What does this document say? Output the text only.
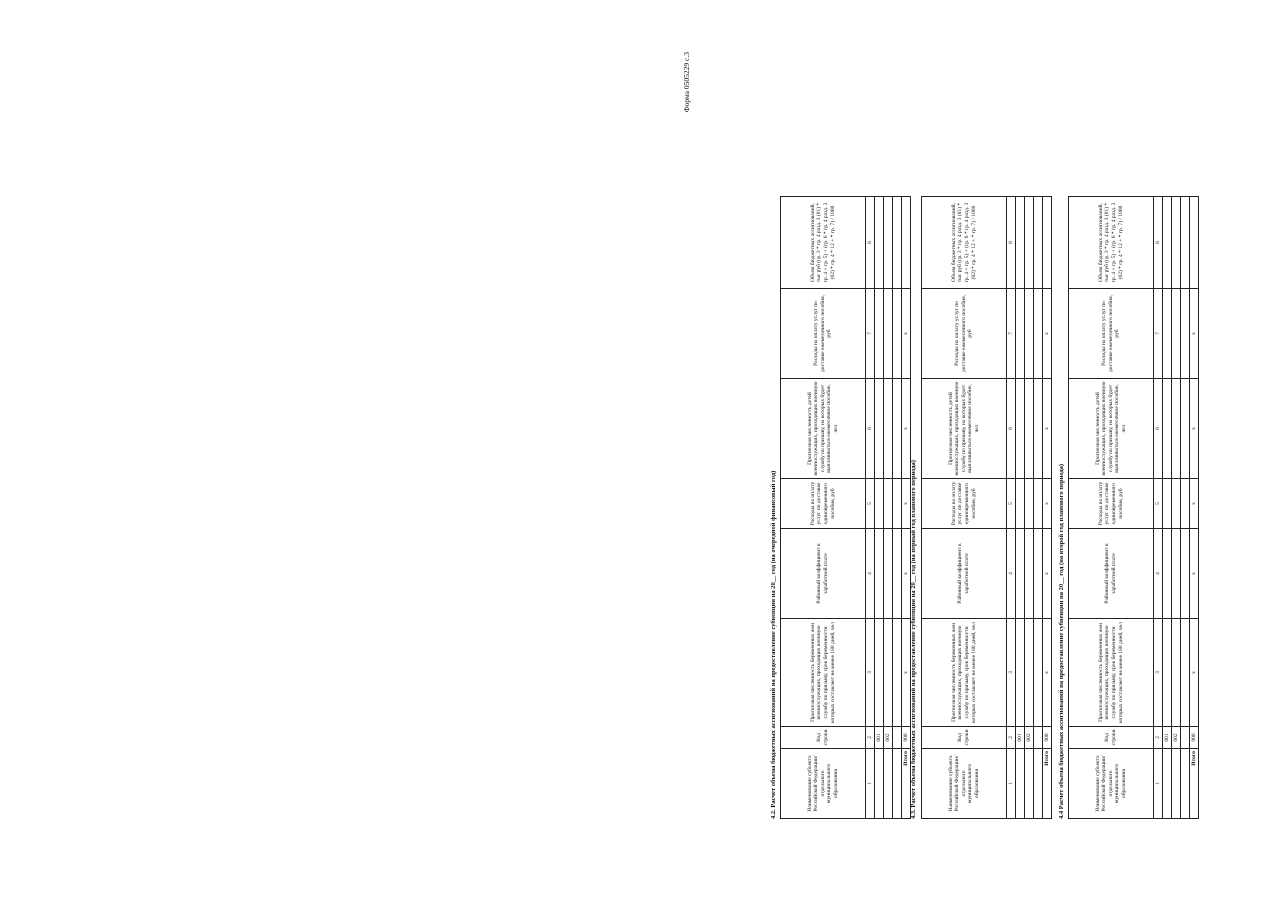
Форма 0505229 с.3
4.2. Расчет объема бюджетных ассигнований на предоставление субвенции на 20__ год (на очередной финансовый год)	Наименование субъекта Российской Федерации/ отдельного муниципального образования	Код строки	Прогнозная численность беременных жен военнослужащих, проходящих военную службу по призыву, срок беременности которых составляет не менее 180 дней, чел	Районный коэффициент к заработной плате	Расходы на оплату услуг по доставке единовременного пособия, руб	Прогнозная численность детей военнослужащих, проходящих военную службу по призыву, на которых будет выплачиваться ежемесячное пособие, чел	Расходы на оплату услуг по доставке ежемесячного пособия, руб	Объем бюджетных ассигнований, тыс руб (гр. 3 * гр. 4 разд. 3 (01) * гр. 4 + гр. 5) + (гр. 6 * гр. 4 разд. 3 (02) * гр. 4 * 12 + * гр. 7) / 1000
1	2	3	4	5	6	7	8
	001						
	002						

Итого	900	х	х	х	х	х	
4.3. Расчет объема бюджетных ассигнований на предоставление субвенции на 20__ год (на первый год планового периода)	Наименование субъекта Российской Федерации/ отдельного муниципального образования	Код строки	Прогнозная численность беременных жен военнослужащих, проходящих военную службу по призыву, срок беременности которых составляет не менее 180 дней, чел	Районный коэффициент к заработной плате	Расходы на оплату услуг по доставке единовременного пособия, руб	Прогнозная численность детей военнослужащих, проходящих военную службу по призыву, на которых будет выплачиваться ежемесячное пособие, чел	Расходы на оплату услуг по доставке ежемесячного пособия, руб	Объем бюджетных ассигнований, тыс руб (гр. 3 * гр. 4 разд. 3 (01) * гр. 4 + гр. 5) + (гр. 6 * гр. 4 разд. 3 (02) * гр. 4 * 12 + * гр. 7) / 1000
1	2	3	4	5	6	7	8
	001						
	002						

Итого	900	х	х	х	х	х	
4.4 Расчет объема бюджетных ассигнований на предоставление субвенции на 20__ год (на второй год планового периода)	Наименование субъекта Российской Федерации/ отдельного муниципального образования	Код строки	Прогнозная численность беременных жен военнослужащих, проходящих военную службу по призыву, срок беременности которых составляет не менее 180 дней, чел	Районный коэффициент к заработной плате	Расходы на оплату услуг по доставке единовременного пособия, руб	Прогнозная численность детей военнослужащих, проходящих военную службу по призыву, на которых будет выплачиваться ежемесячное пособие, чел	Расходы на оплату услуг по доставке ежемесячного пособия, руб	Объем бюджетных ассигнований, тыс руб (гр. 3 * гр. 4 разд. 3 (01) * гр. 4 + гр. 5) + (гр. 6 * гр. 4 разд. 3 (02) * гр. 4 * 12 + * гр. 7) / 1000
1	2	3	4	5	6	7	8
	001						
	002						

Итого	900	х	х	х	х	х	
